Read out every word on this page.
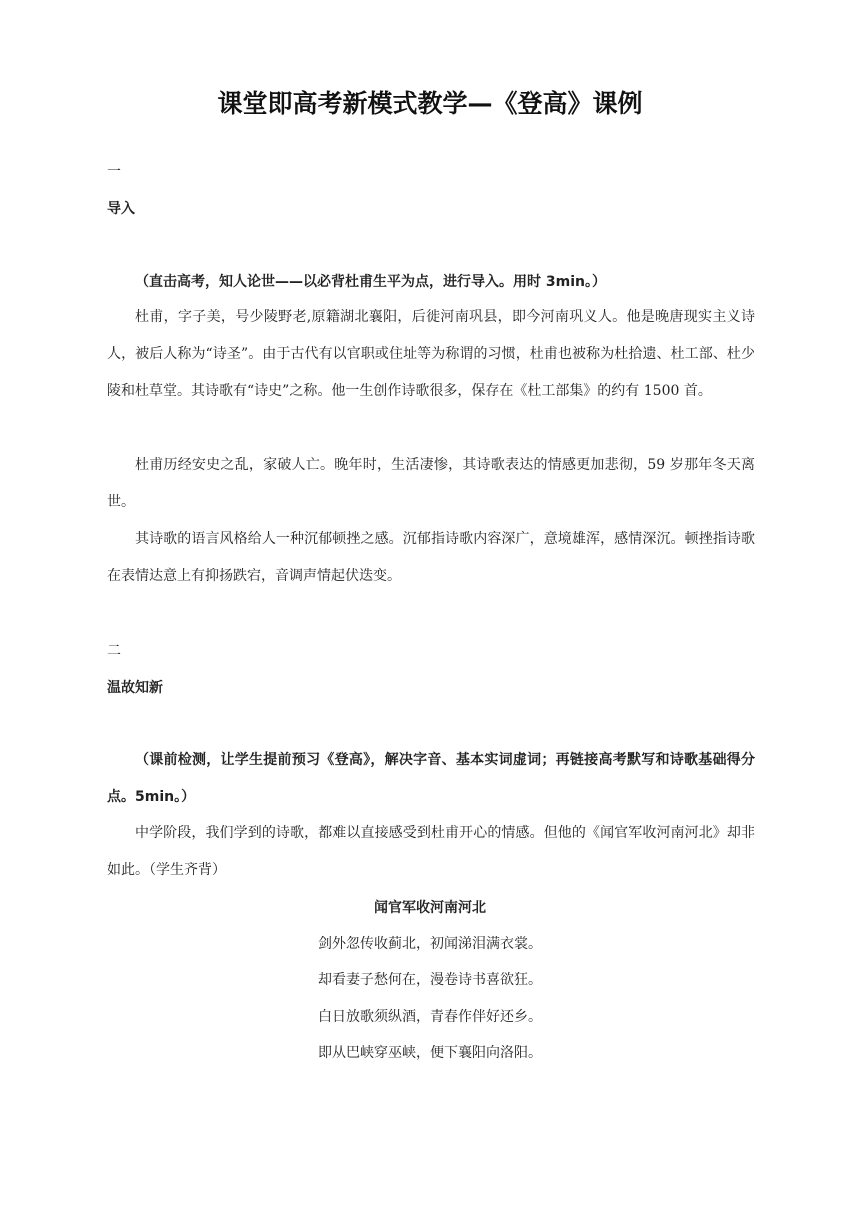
课堂即高考新模式教学—《登高》课例
一
导入
（直击高考，知人论世——以必背杜甫生平为点，进行导入。用时 3min。）
杜甫，字子美，号少陵野老,原籍湖北襄阳，后徙河南巩县，即今河南巩义人。他是晚唐现实主义诗人，被后人称为“诗圣”。由于古代有以官职或住址等为称谓的习惯，杜甫也被称为杜拾遗、杜工部、杜少陵和杜草堂。其诗歌有“诗史”之称。他一生创作诗歌很多，保存在《杜工部集》的约有 1500 首。
杜甫历经安史之乱，家破人亡。晚年时，生活凄惨，其诗歌表达的情感更加悲彻，59 岁那年冬天离世。
其诗歌的语言风格给人一种沉郁顿挫之感。沉郁指诗歌内容深广，意境雄浑，感情深沉。顿挫指诗歌在表情达意上有抑扬跌宕，音调声情起伏迭变。
二
温故知新
（课前检测，让学生提前预习《登高》，解决字音、基本实词虚词；再链接高考默写和诗歌基础得分点。5min。）
中学阶段，我们学到的诗歌，都难以直接感受到杜甫开心的情感。但他的《闻官军收河南河北》却非如此。（学生齐背）
闻官军收河南河北
剑外忽传收蓟北，初闻涕泪满衣裳。
却看妻子愁何在，漫卷诗书喜欲狂。
白日放歌须纵酒，青春作伴好还乡。
即从巴峡穿巫峡，便下襄阳向洛阳。
